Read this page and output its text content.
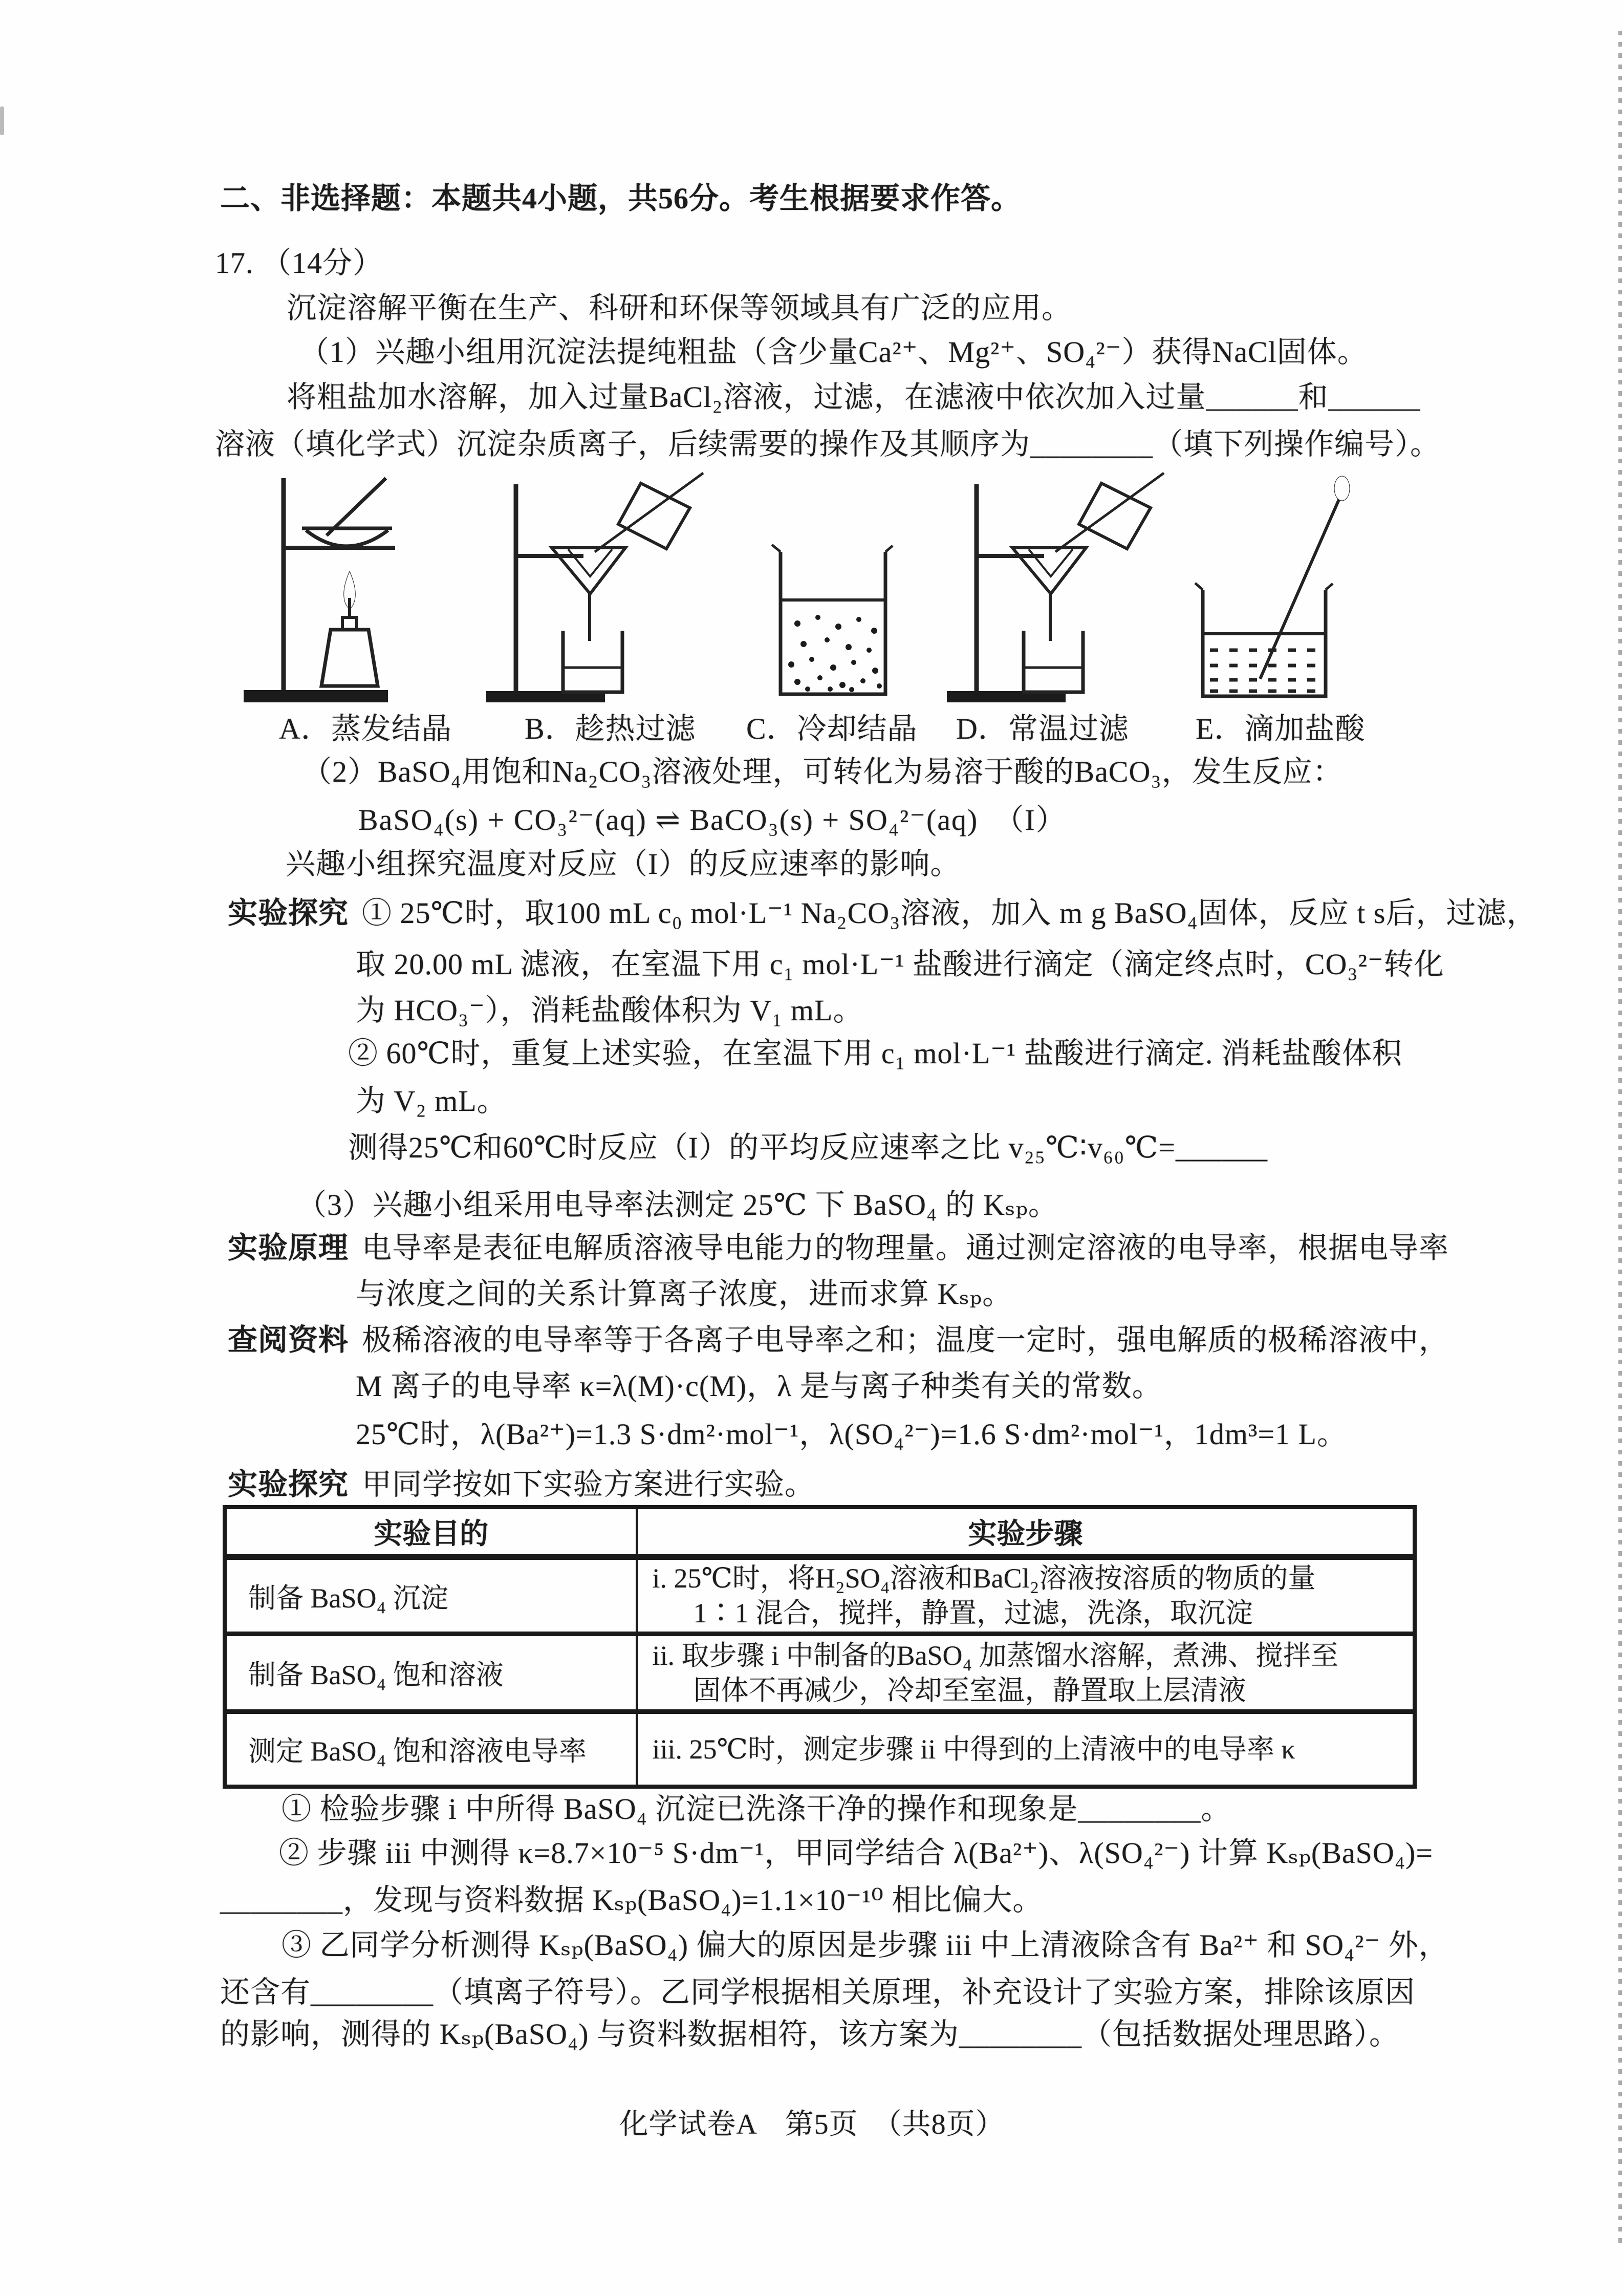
二、非选择题：本题共4小题，共56分。考生根据要求作答。
17. （14分）
沉淀溶解平衡在生产、科研和环保等领域具有广泛的应用。
（1）兴趣小组用沉淀法提纯粗盐（含少量Ca²⁺、Mg²⁺、SO₄²⁻）获得NaCl固体。
将粗盐加水溶解，加入过量BaCl₂溶液，过滤，在滤液中依次加入过量______和______
溶液（填化学式）沉淀杂质离子，后续需要的操作及其顺序为________（填下列操作编号）。
A．蒸发结晶 B．趁热过滤 C．冷却结晶 D．常温过滤 E．滴加盐酸
（2）BaSO₄用饱和Na₂CO₃溶液处理，可转化为易溶于酸的BaCO₃，发生反应：
BaSO₄(s) + CO₃²⁻(aq) ⇌ BaCO₃(s) + SO₄²⁻(aq)　（I）
兴趣小组探究温度对反应（I）的反应速率的影响。
实验探究 ① 25℃时，取100 mL c₀ mol·L⁻¹ Na₂CO₃溶液，加入 m g BaSO₄固体，反应 t s后，过滤，
取 20.00 mL 滤液，在室温下用 c₁ mol·L⁻¹ 盐酸进行滴定（滴定终点时，CO₃²⁻转化
为 HCO₃⁻），消耗盐酸体积为 V₁ mL。
② 60℃时，重复上述实验，在室温下用 c₁ mol·L⁻¹ 盐酸进行滴定. 消耗盐酸体积
为 V₂ mL。
测得25℃和60℃时反应（I）的平均反应速率之比 v₂₅℃∶v₆₀℃=______
（3）兴趣小组采用电导率法测定 25℃ 下 BaSO₄ 的 Kₛₚ。
实验原理 电导率是表征电解质溶液导电能力的物理量。通过测定溶液的电导率，根据电导率
与浓度之间的关系计算离子浓度，进而求算 Kₛₚ。
查阅资料 极稀溶液的电导率等于各离子电导率之和；温度一定时，强电解质的极稀溶液中，
M 离子的电导率 κ=λ(M)·c(M)，λ 是与离子种类有关的常数。
25℃时，λ(Ba²⁺)=1.3 S·dm²·mol⁻¹，λ(SO₄²⁻)=1.6 S·dm²·mol⁻¹，1dm³=1 L。
实验探究 甲同学按如下实验方案进行实验。
实验目的	实验步骤
制备 BaSO₄ 沉淀	i. 25℃时，将H₂SO₄溶液和BaCl₂溶液按溶质的物质的量
1∶1 混合，搅拌，静置，过滤，洗涤，取沉淀

制备 BaSO₄ 饱和溶液	ii. 取步骤 i 中制备的BaSO₄ 加蒸馏水溶解，煮沸、搅拌至
固体不再减少，冷却至室温，静置取上层清液

测定 BaSO₄ 饱和溶液电导率	iii. 25℃时，测定步骤 ii 中得到的上清液中的电导率 κ
① 检验步骤 i 中所得 BaSO₄ 沉淀已洗涤干净的操作和现象是________。
② 步骤 iii 中测得 κ=8.7×10⁻⁵ S·dm⁻¹，甲同学结合 λ(Ba²⁺)、λ(SO₄²⁻) 计算 Kₛₚ(BaSO₄)=
________，发现与资料数据 Kₛₚ(BaSO₄)=1.1×10⁻¹⁰ 相比偏大。
③ 乙同学分析测得 Kₛₚ(BaSO₄) 偏大的原因是步骤 iii 中上清液除含有 Ba²⁺ 和 SO₄²⁻ 外，
还含有________（填离子符号）。乙同学根据相关原理，补充设计了实验方案，排除该原因
的影响，测得的 Kₛₚ(BaSO₄) 与资料数据相符，该方案为________（包括数据处理思路）。
化学试卷A　第5页　（共8页）
